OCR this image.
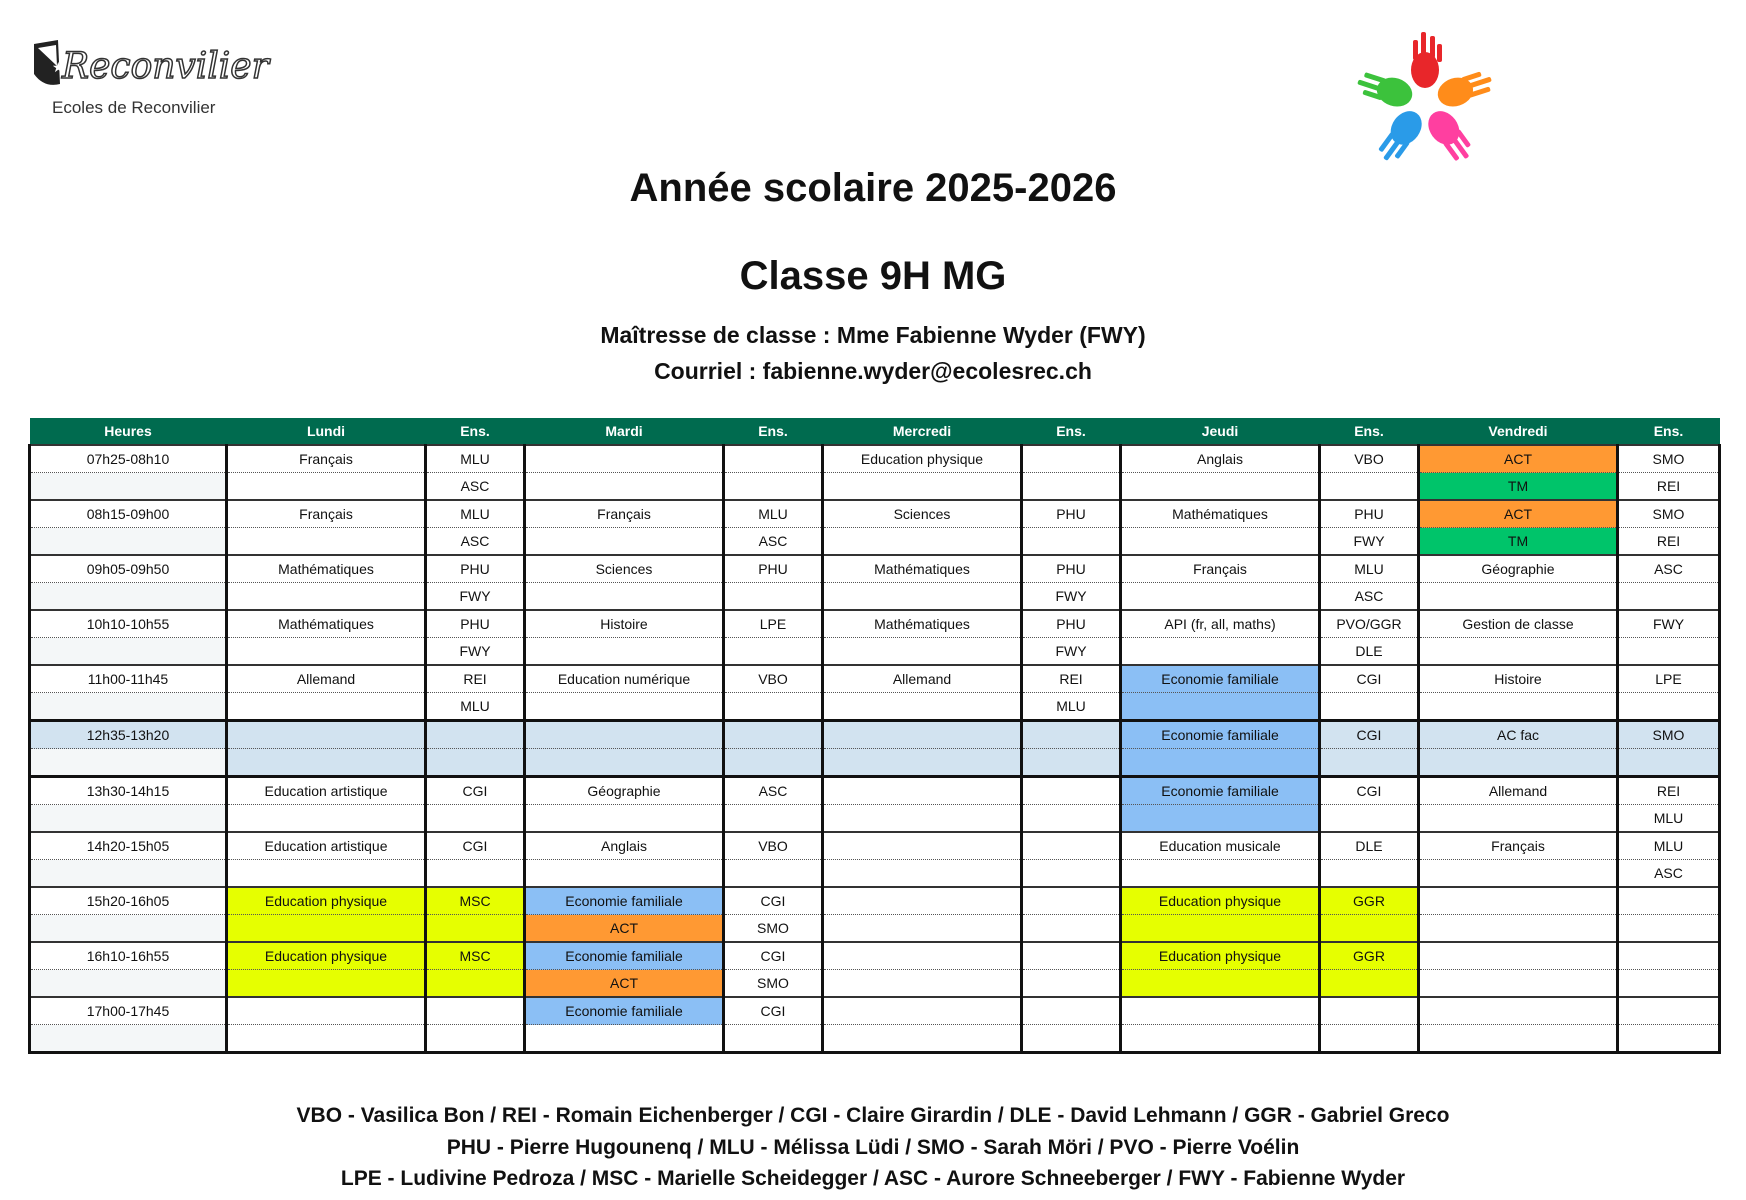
★
Reconvilier
Ecoles de Reconvilier
Année scolaire 2025-2026
Classe 9H MG
Maîtresse de classe : Mme Fabienne Wyder (FWY)
Courriel : fabienne.wyder@ecolesrec.ch
Heures	Lundi	Ens.	Mardi	Ens.	Mercredi	Ens.	Jeudi	Ens.	Vendredi	Ens.
07h25-08h10	Français	MLU			Education physique		Anglais	VBO	ACT	SMO
		ASC							TM	REI
08h15-09h00	Français	MLU	Français	MLU	Sciences	PHU	Mathématiques	PHU	ACT	SMO
		ASC		ASC				FWY	TM	REI
09h05-09h50	Mathématiques	PHU	Sciences	PHU	Mathématiques	PHU	Français	MLU	Géographie	ASC
		FWY				FWY		ASC		
10h10-10h55	Mathématiques	PHU	Histoire	LPE	Mathématiques	PHU	API (fr, all, maths)	PVO/GGR	Gestion de classe	FWY
		FWY				FWY		DLE		
11h00-11h45	Allemand	REI	Education numérique	VBO	Allemand	REI	Economie familiale	CGI	Histoire	LPE
		MLU				MLU				
12h35-13h20							Economie familiale	CGI	AC fac	SMO

13h30-14h15	Education artistique	CGI	Géographie	ASC			Economie familiale	CGI	Allemand	REI
										MLU
14h20-15h05	Education artistique	CGI	Anglais	VBO			Education musicale	DLE	Français	MLU
										ASC
15h20-16h05	Education physique	MSC	Economie familiale	CGI			Education physique	GGR		
			ACT	SMO						
16h10-16h55	Education physique	MSC	Economie familiale	CGI			Education physique	GGR		
			ACT	SMO						
17h00-17h45			Economie familiale	CGI						

VBO - Vasilica Bon / REI - Romain Eichenberger / CGI - Claire Girardin / DLE - David Lehmann / GGR - Gabriel Greco
PHU - Pierre Hugounenq / MLU - Mélissa Lüdi / SMO - Sarah Möri / PVO - Pierre Voélin
LPE - Ludivine Pedroza / MSC - Marielle Scheidegger / ASC - Aurore Schneeberger / FWY - Fabienne Wyder
